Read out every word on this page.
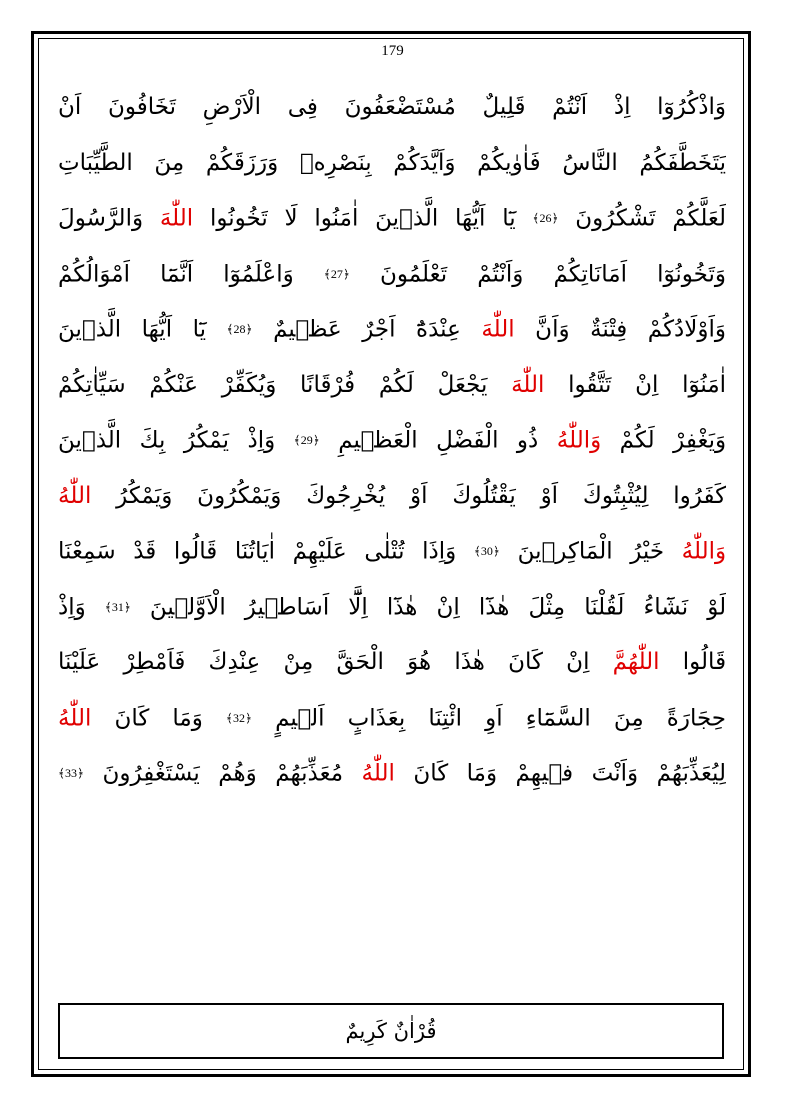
179
وَاذْكُرُوٓا اِذْ اَنْتُمْ قَلِيلٌ مُسْتَضْعَفُونَ فِى الْاَرْضِ تَخَافُونَ اَنْ
يَتَخَطَّفَكُمُ النَّاسُ فَاٰوٰيكُمْ وَاَيَّدَكُمْ بِنَصْرِهٖ وَرَزَقَكُمْ مِنَ الطَّيِّبَاتِ
لَعَلَّكُمْ تَشْكُرُونَ ﴿26﴾ يَٓا اَيُّهَا الَّذٖينَ اٰمَنُوا لَا تَخُونُوا اللّٰهَ وَالرَّسُولَ
وَتَخُونُوٓا اَمَانَاتِكُمْ وَاَنْتُمْ تَعْلَمُونَ ﴿27﴾ وَاعْلَمُوٓا اَنَّمَٓا اَمْوَالُكُمْ
وَاَوْلَادُكُمْ فِتْنَةٌ وَاَنَّ اللّٰهَ عِنْدَهُٓ اَجْرٌ عَظٖيمٌ ﴿28﴾ يَٓا اَيُّهَا الَّذٖينَ
اٰمَنُوٓا اِنْ تَتَّقُوا اللّٰهَ يَجْعَلْ لَكُمْ فُرْقَانًا وَيُكَفِّرْ عَنْكُمْ سَيِّاٰتِكُمْ
وَيَغْفِرْ لَكُمْ وَاللّٰهُ ذُو الْفَضْلِ الْعَظٖيمِ ﴿29﴾ وَاِذْ يَمْكُرُ بِكَ الَّذٖينَ
كَفَرُوا لِيُثْبِتُوكَ اَوْ يَقْتُلُوكَ اَوْ يُخْرِجُوكَ وَيَمْكُرُونَ وَيَمْكُرُ اللّٰهُ
وَاللّٰهُ خَيْرُ الْمَاكِرٖينَ ﴿30﴾ وَاِذَا تُتْلٰى عَلَيْهِمْ اٰيَاتُنَا قَالُوا قَدْ سَمِعْنَا
لَوْ نَشَٓاءُ لَقُلْنَا مِثْلَ هٰذَٓا اِنْ هٰذَٓا اِلَّٓا اَسَاطٖيرُ الْاَوَّلٖينَ ﴿31﴾ وَاِذْ
قَالُوا اللّٰهُمَّ اِنْ كَانَ هٰذَا هُوَ الْحَقَّ مِنْ عِنْدِكَ فَاَمْطِرْ عَلَيْنَا
حِجَارَةً مِنَ السَّمَٓاءِ اَوِ ائْتِنَا بِعَذَابٍ اَلٖيمٍ ﴿32﴾ وَمَا كَانَ اللّٰهُ
لِيُعَذِّبَهُمْ وَاَنْتَ فٖيهِمْ وَمَا كَانَ اللّٰهُ مُعَذِّبَهُمْ وَهُمْ يَسْتَغْفِرُونَ ﴿33﴾
قُرْاٰنٌ كَرِيمٌ
